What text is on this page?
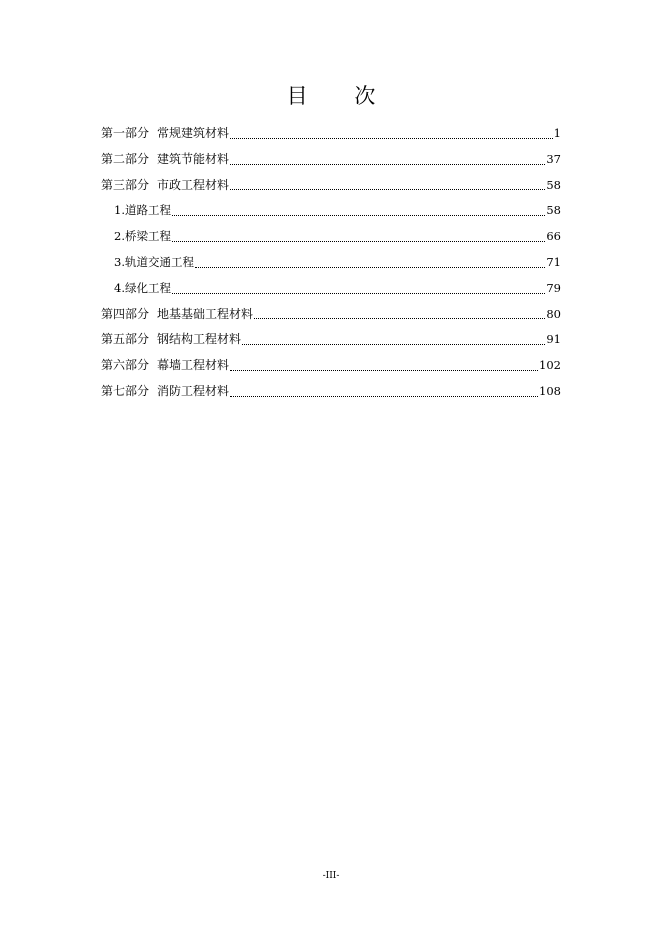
目 次
第一部分 常规建筑材料	1
第二部分 建筑节能材料	37
第三部分 市政工程材料	58
1.道路工程	58
2.桥梁工程	66
3.轨道交通工程	71
4.绿化工程	79
第四部分 地基基础工程材料	80
第五部分 钢结构工程材料	91
第六部分 幕墙工程材料	102
第七部分 消防工程材料	108
-III-
